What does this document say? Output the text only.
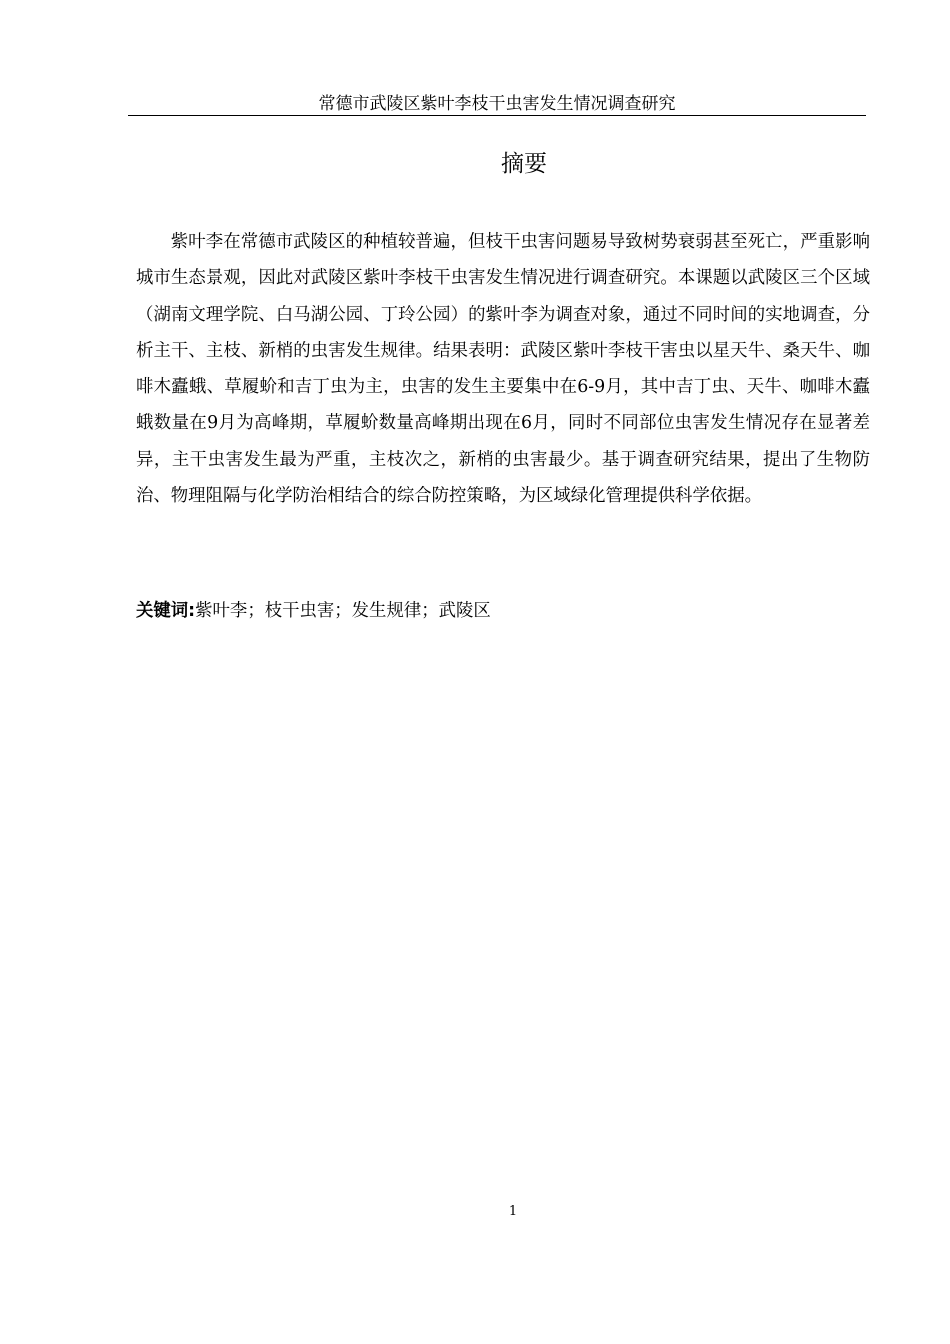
常德市武陵区紫叶李枝干虫害发生情况调查研究
摘要

紫叶李在常德市武陵区的种植较普遍，但枝干虫害问题易导致树势衰弱甚至死亡，严重影响城市生态景观，因此对武陵区紫叶李枝干虫害发生情况进行调查研究。本课题以武陵区三个区域（湖南文理学院、白马湖公园、丁玲公园）的紫叶李为调查对象，通过不同时间的实地调查，分析主干、主枝、新梢的虫害发生规律。结果表明：武陵区紫叶李枝干害虫以星天牛、桑天牛、咖啡木蠹蛾、草履蚧和吉丁虫为主，虫害的发生主要集中在6-9月，其中吉丁虫、天牛、咖啡木蠹蛾数量在9月为高峰期，草履蚧数量高峰期出现在6月，同时不同部位虫害发生情况存在显著差异，主干虫害发生最为严重，主枝次之，新梢的虫害最少。基于调查研究结果，提出了生物防治、物理阻隔与化学防治相结合的综合防控策略，为区域绿化管理提供科学依据。

关键词:紫叶李；枝干虫害；发生规律；武陵区

1
